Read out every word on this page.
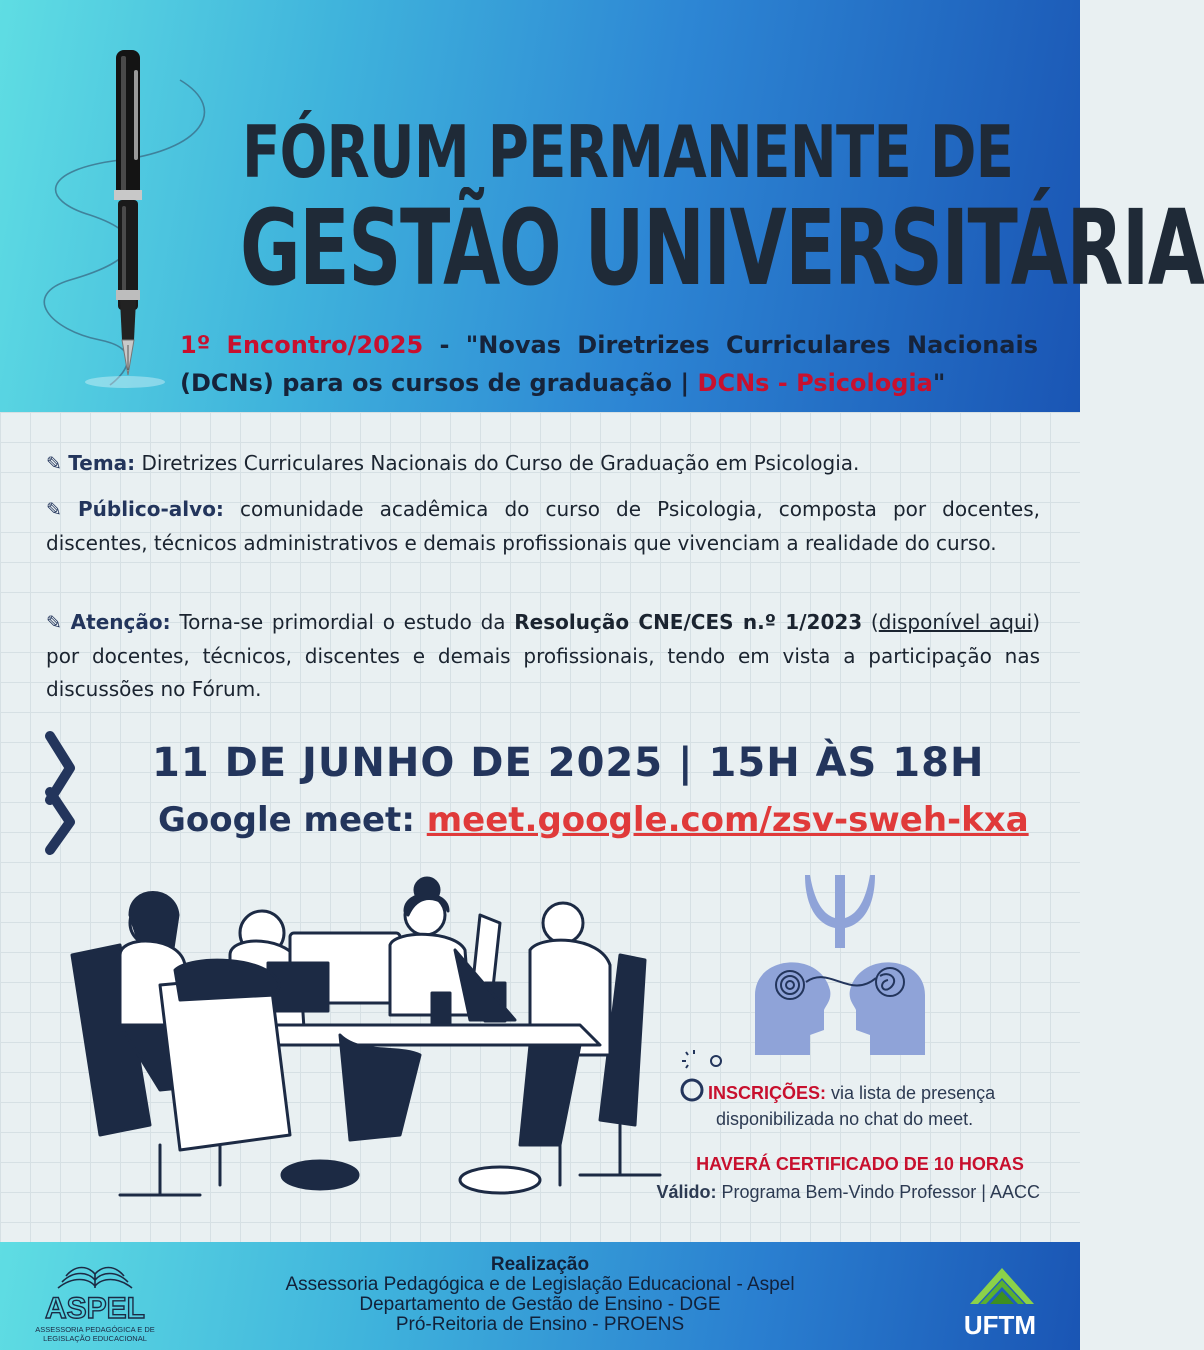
FÓRUM PERMANENTE DE
GESTÃO UNIVERSITÁRIA
1º Encontro/2025 - "Novas Diretrizes Curriculares Nacionais (DCNs) para os cursos de graduação | DCNs - Psicologia"
✎ Tema: Diretrizes Curriculares Nacionais do Curso de Graduação em Psicologia.
✎ Público-alvo: comunidade acadêmica do curso de Psicologia, composta por docentes, discentes, técnicos administrativos e demais profissionais que vivenciam a realidade do curso.
✎ Atenção: Torna-se primordial o estudo da Resolução CNE/CES n.º 1/2023 (disponível aqui) por docentes, técnicos, discentes e demais profissionais, tendo em vista a participação nas discussões no Fórum.
11 DE JUNHO DE 2025 | 15H ÀS 18H
Google meet: meet.google.com/zsv-sweh-kxa
INSCRIÇÕES: via lista de presença
disponibilizada no chat do meet.
HAVERÁ CERTIFICADO DE 10 HORAS
Válido: Programa Bem-Vindo Professor | AACC
ASPEL
ASSESSORIA PEDAGÓGICA E DE
LEGISLAÇÃO EDUCACIONAL
Realização
Assessoria Pedagógica e de Legislação Educacional - Aspel
Departamento de Gestão de Ensino - DGE
Pró-Reitoria de Ensino - PROENS	UFTM
